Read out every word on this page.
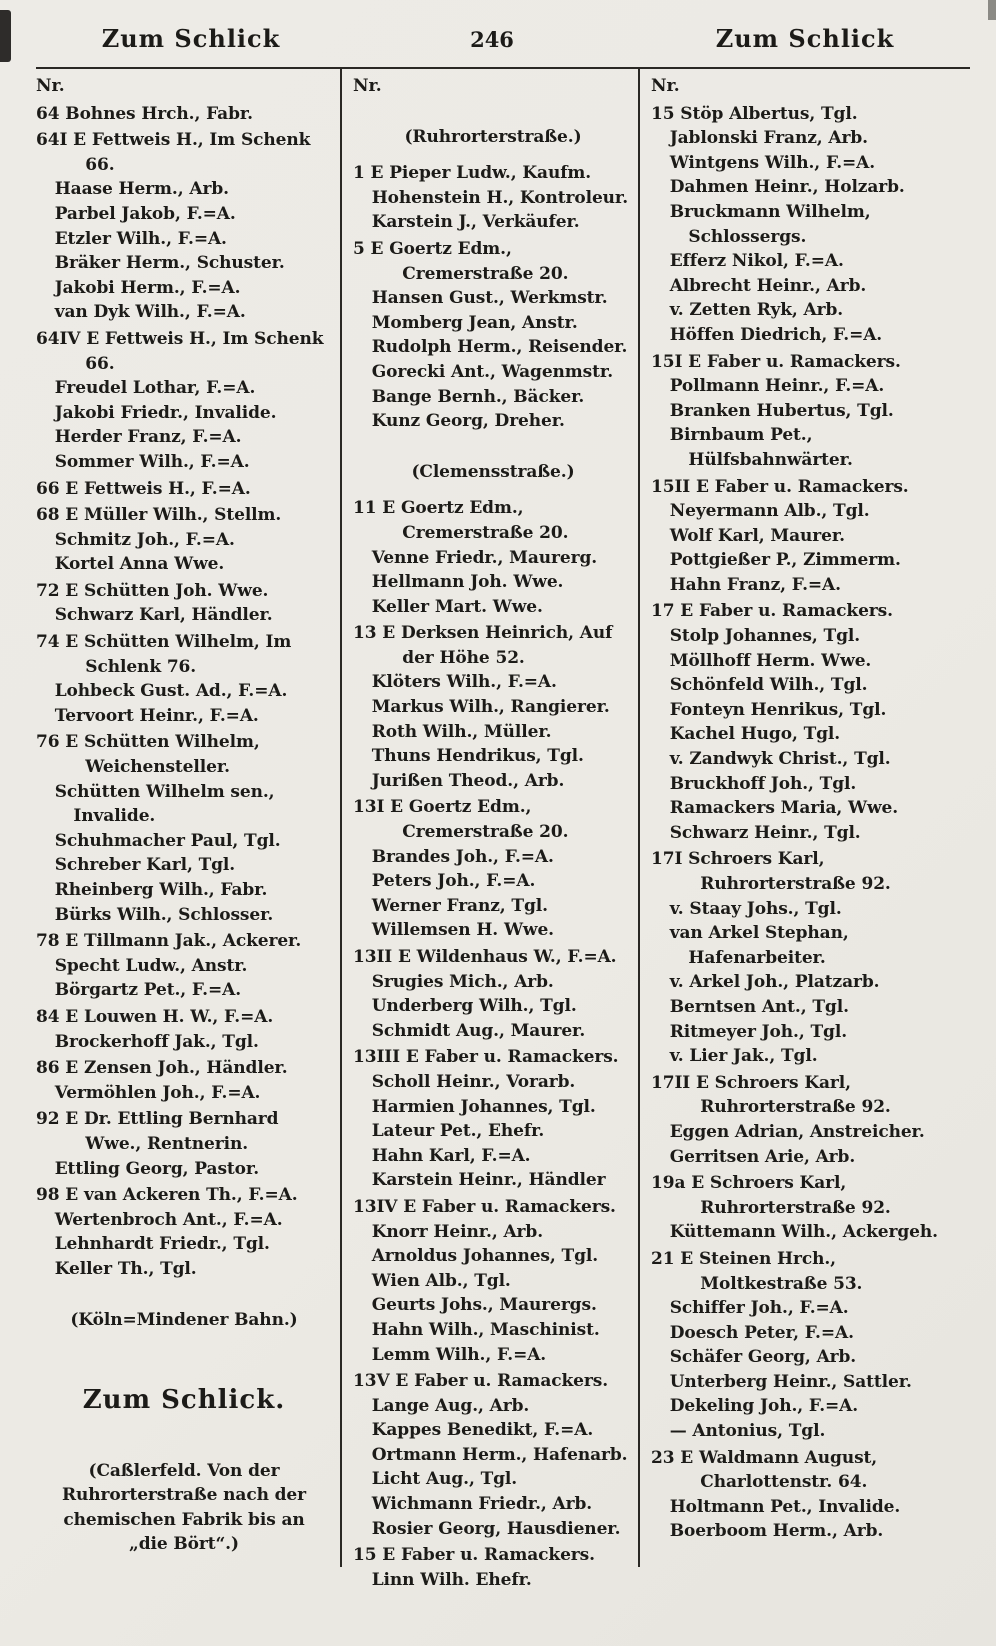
Zum Schlick	246	Zum Schlick
Nr.
64 Bohnes Hrch., Fabr.
64I E Fettweis H., Im Schenk 66.
Haase Herm., Arb.
Parbel Jakob, F.=A.
Etzler Wilh., F.=A.
Bräker Herm., Schuster.
Jakobi Herm., F.=A.
van Dyk Wilh., F.=A.
64IV E Fettweis H., Im Schenk 66.
Freudel Lothar, F.=A.
Jakobi Friedr., Invalide.
Herder Franz, F.=A.
Sommer Wilh., F.=A.
66 E Fettweis H., F.=A.
68 E Müller Wilh., Stellm.
Schmitz Joh., F.=A.
Kortel Anna Wwe.
72 E Schütten Joh. Wwe.
Schwarz Karl, Händler.
74 E Schütten Wilhelm, Im Schlenk 76.
Lohbeck Gust. Ad., F.=A.
Tervoort Heinr., F.=A.
76 E Schütten Wilhelm, Weichensteller.
Schütten Wilhelm sen., Invalide.
Schuhmacher Paul, Tgl.
Schreber Karl, Tgl.
Rheinberg Wilh., Fabr.
Bürks Wilh., Schlosser.
78 E Tillmann Jak., Ackerer.
Specht Ludw., Anstr.
Börgartz Pet., F.=A.
84 E Louwen H. W., F.=A.
Brockerhoff Jak., Tgl.
86 E Zensen Joh., Händler.
Vermöhlen Joh., F.=A.
92 E Dr. Ettling Bernhard Wwe., Rentnerin.
Ettling Georg, Pastor.
98 E van Ackeren Th., F.=A.
Wertenbroch Ant., F.=A.
Lehnhardt Friedr., Tgl.
Keller Th., Tgl.
(Köln=Mindener Bahn.)
Zum Schlick.
(Caßlerfeld. Von der Ruhrorterstraße nach der chemischen Fabrik bis an „die Bört“.)
Nr.
(Ruhrorterstraße.)
1 E Pieper Ludw., Kaufm.
Hohenstein H., Kontroleur.
Karstein J., Verkäufer.
5 E Goertz Edm., Cremerstraße 20.
Hansen Gust., Werkmstr.
Momberg Jean, Anstr.
Rudolph Herm., Reisender.
Gorecki Ant., Wagenmstr.
Bange Bernh., Bäcker.
Kunz Georg, Dreher.
(Clemensstraße.)
11 E Goertz Edm., Cremerstraße 20.
Venne Friedr., Maurerg.
Hellmann Joh. Wwe.
Keller Mart. Wwe.
13 E Derksen Heinrich, Auf der Höhe 52.
Klöters Wilh., F.=A.
Markus Wilh., Rangierer.
Roth Wilh., Müller.
Thuns Hendrikus, Tgl.
Jurißen Theod., Arb.
13I E Goertz Edm., Cremerstraße 20.
Brandes Joh., F.=A.
Peters Joh., F.=A.
Werner Franz, Tgl.
Willemsen H. Wwe.
13II E Wildenhaus W., F.=A.
Srugies Mich., Arb.
Underberg Wilh., Tgl.
Schmidt Aug., Maurer.
13III E Faber u. Ramackers.
Scholl Heinr., Vorarb.
Harmien Johannes, Tgl.
Lateur Pet., Ehefr.
Hahn Karl, F.=A.
Karstein Heinr., Händler
13IV E Faber u. Ramackers.
Knorr Heinr., Arb.
Arnoldus Johannes, Tgl.
Wien Alb., Tgl.
Geurts Johs., Maurergs.
Hahn Wilh., Maschinist.
Lemm Wilh., F.=A.
13V E Faber u. Ramackers.
Lange Aug., Arb.
Kappes Benedikt, F.=A.
Ortmann Herm., Hafenarb.
Licht Aug., Tgl.
Wichmann Friedr., Arb.
Rosier Georg, Hausdiener.
15 E Faber u. Ramackers.
Linn Wilh. Ehefr.
Nr.
15 Stöp Albertus, Tgl.
Jablonski Franz, Arb.
Wintgens Wilh., F.=A.
Dahmen Heinr., Holzarb.
Bruckmann Wilhelm, Schlossergs.
Efferz Nikol, F.=A.
Albrecht Heinr., Arb.
v. Zetten Ryk, Arb.
Höffen Diedrich, F.=A.
15I E Faber u. Ramackers.
Pollmann Heinr., F.=A.
Branken Hubertus, Tgl.
Birnbaum Pet., Hülfsbahnwärter.
15II E Faber u. Ramackers.
Neyermann Alb., Tgl.
Wolf Karl, Maurer.
Pottgießer P., Zimmerm.
Hahn Franz, F.=A.
17 E Faber u. Ramackers.
Stolp Johannes, Tgl.
Möllhoff Herm. Wwe.
Schönfeld Wilh., Tgl.
Fonteyn Henrikus, Tgl.
Kachel Hugo, Tgl.
v. Zandwyk Christ., Tgl.
Bruckhoff Joh., Tgl.
Ramackers Maria, Wwe.
Schwarz Heinr., Tgl.
17I Schroers Karl, Ruhrorterstraße 92.
v. Staay Johs., Tgl.
van Arkel Stephan, Hafenarbeiter.
v. Arkel Joh., Platzarb.
Berntsen Ant., Tgl.
Ritmeyer Joh., Tgl.
v. Lier Jak., Tgl.
17II E Schroers Karl, Ruhrorterstraße 92.
Eggen Adrian, Anstreicher.
Gerritsen Arie, Arb.
19a E Schroers Karl, Ruhrorterstraße 92.
Küttemann Wilh., Ackergeh.
21 E Steinen Hrch., Moltkestraße 53.
Schiffer Joh., F.=A.
Doesch Peter, F.=A.
Schäfer Georg, Arb.
Unterberg Heinr., Sattler.
Dekeling Joh., F.=A.
— Antonius, Tgl.
23 E Waldmann August, Charlottenstr. 64.
Holtmann Pet., Invalide.
Boerboom Herm., Arb.
